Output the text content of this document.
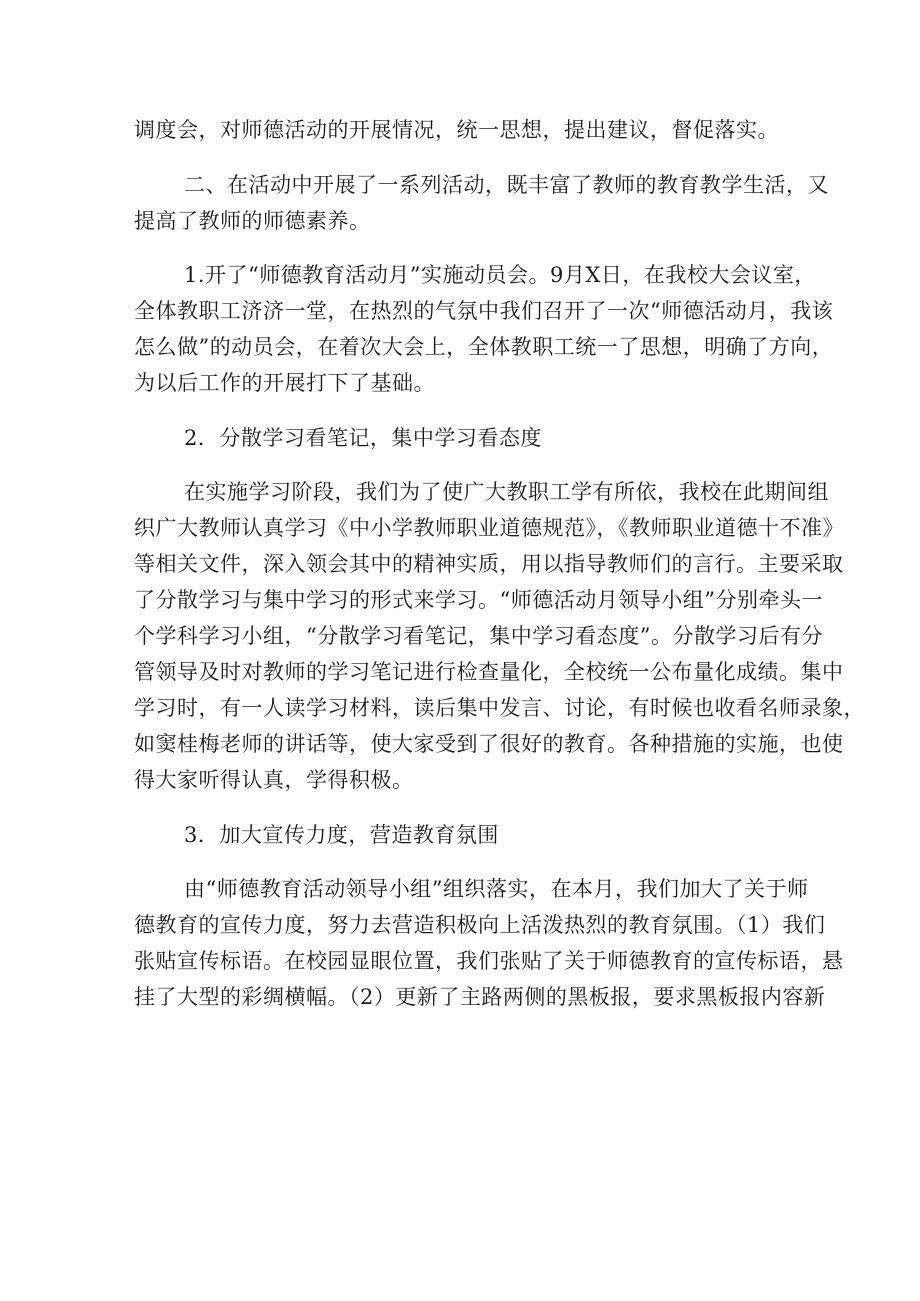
调度会，对师德活动的开展情况，统一思想，提出建议，督促落实。
二、在活动中开展了一系列活动，既丰富了教师的教育教学生活，又
提高了教师的师德素养。
1.开了“师德教育活动月”实施动员会。9月X日，在我校大会议室，
全体教职工济济一堂，在热烈的气氛中我们召开了一次“师德活动月，我该
怎么做”的动员会，在着次大会上，全体教职工统一了思想，明确了方向，
为以后工作的开展打下了基础。
2．分散学习看笔记，集中学习看态度
在实施学习阶段，我们为了使广大教职工学有所依，我校在此期间组
织广大教师认真学习《中小学教师职业道德规范》，《教师职业道德十不准》
等相关文件，深入领会其中的精神实质，用以指导教师们的言行。主要采取
了分散学习与集中学习的形式来学习。“师德活动月领导小组”分别牵头一
个学科学习小组，“分散学习看笔记，集中学习看态度”。分散学习后有分
管领导及时对教师的学习笔记进行检查量化，全校统一公布量化成绩。集中
学习时，有一人读学习材料，读后集中发言、讨论，有时候也收看名师录象，
如窦桂梅老师的讲话等，使大家受到了很好的教育。各种措施的实施，也使
得大家听得认真，学得积极。
3．加大宣传力度，营造教育氛围
由“师德教育活动领导小组”组织落实，在本月，我们加大了关于师
德教育的宣传力度，努力去营造积极向上活泼热烈的教育氛围。（1）我们
张贴宣传标语。在校园显眼位置，我们张贴了关于师德教育的宣传标语，悬
挂了大型的彩绸横幅。（2）更新了主路两侧的黑板报，要求黑板报内容新
